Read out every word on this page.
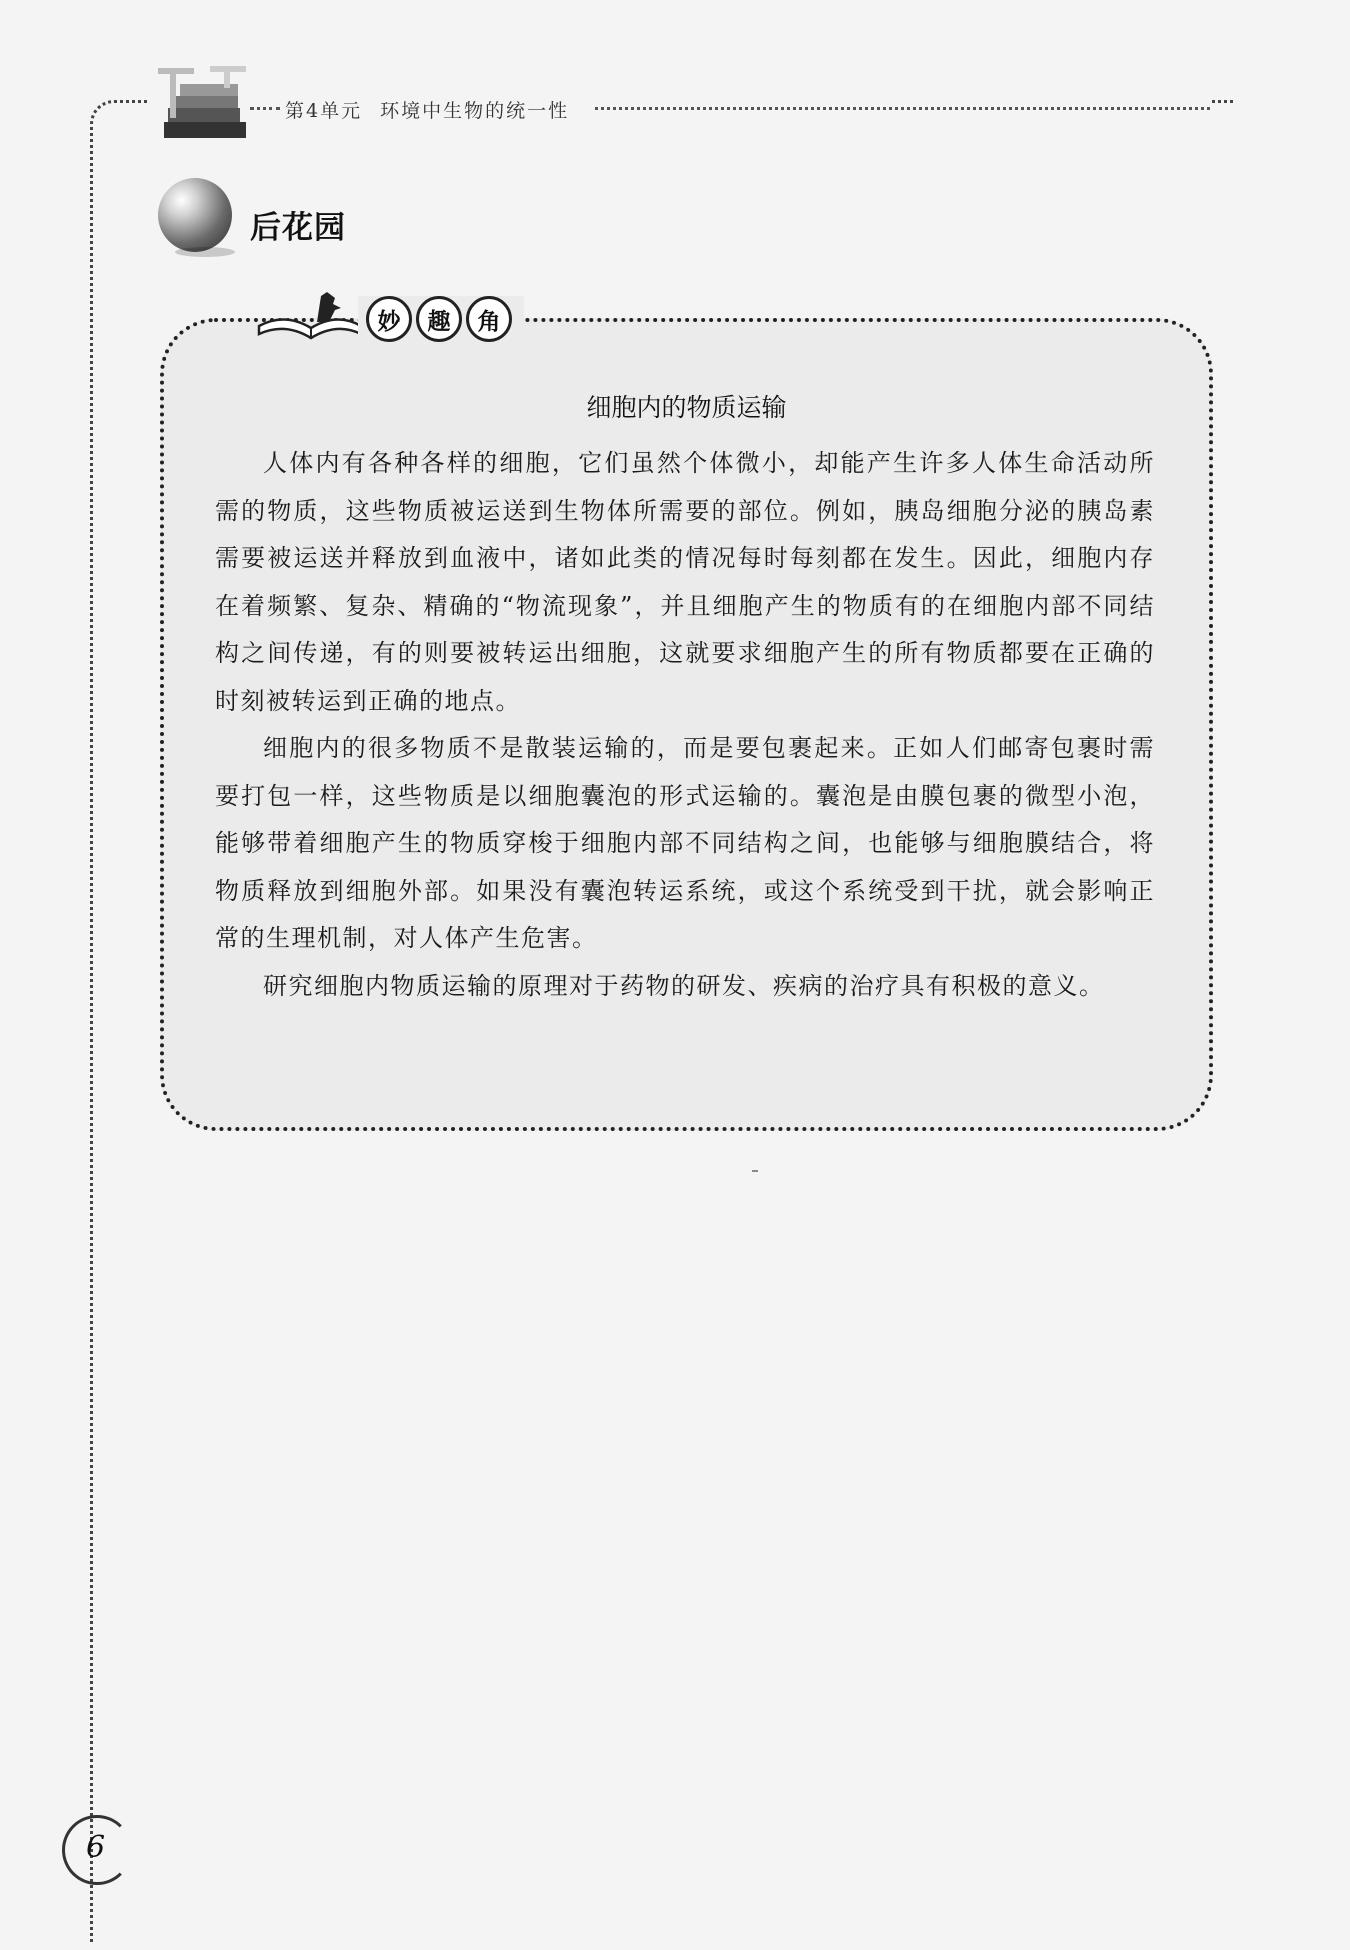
第4单元 环境中生物的统一性
后花园
妙	趣	角
细胞内的物质运输

人体内有各种各样的细胞，它们虽然个体微小，却能产生许多人体生命活动所需的物质，这些物质被运送到生物体所需要的部位。例如，胰岛细胞分泌的胰岛素需要被运送并释放到血液中，诸如此类的情况每时每刻都在发生。因此，细胞内存在着频繁、复杂、精确的“物流现象”，并且细胞产生的物质有的在细胞内部不同结构之间传递，有的则要被转运出细胞，这就要求细胞产生的所有物质都要在正确的时刻被转运到正确的地点。

细胞内的很多物质不是散装运输的，而是要包裹起来。正如人们邮寄包裹时需要打包一样，这些物质是以细胞囊泡的形式运输的。囊泡是由膜包裹的微型小泡，能够带着细胞产生的物质穿梭于细胞内部不同结构之间，也能够与细胞膜结合，将物质释放到细胞外部。如果没有囊泡转运系统，或这个系统受到干扰，就会影响正常的生理机制，对人体产生危害。

研究细胞内物质运输的原理对于药物的研发、疾病的治疗具有积极的意义。

6
